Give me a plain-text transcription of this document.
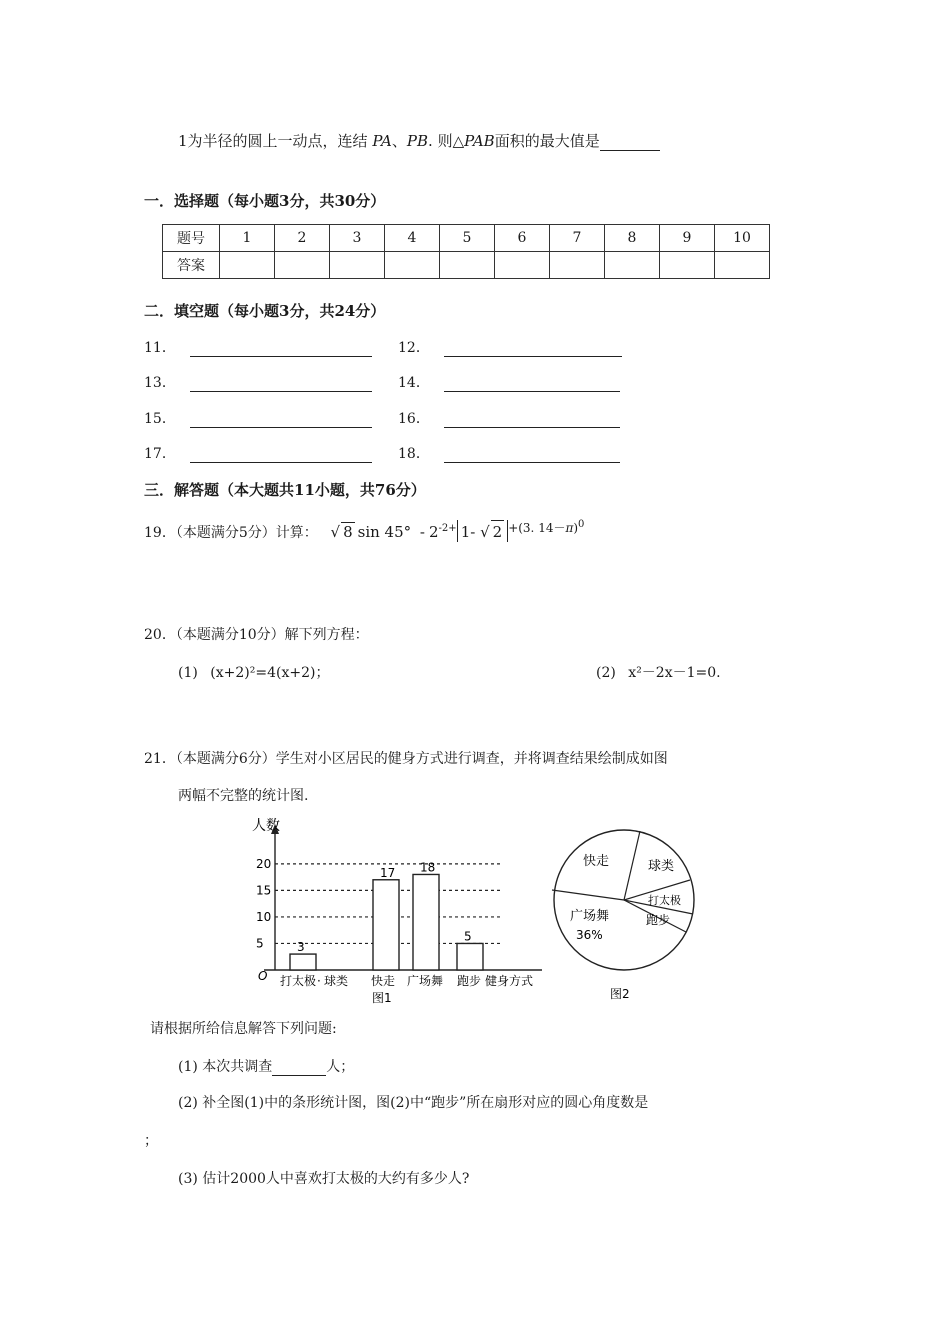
1为半径的圆上一动点，连结 PA、PB. 则△PAB面积的最大值是
一．选择题（每小题3分，共30分）
题号	1	2	3	4	5	6	7	8	9	10
答案										
二．填空题（每小题3分，共24分）
11．	12．
13．	14．
15．	16．
17．	18．
三．解答题（本大题共11小题，共76分）
19．（本题满分5分）计算： √ 8 $\sin 45^\circ - 2^{-2+}$ 1- √ 2 $^{+(3. 14-\pi)^0}$
20．（本题满分10分）解下列方程：
(1) (x+2)²=4(x+2)；	(2) x²－2x－1=0.
21．（本题满分6分）学生对小区居民的健身方式进行调查，并将调查结果绘制成如图
两幅不完整的统计图.
人数
O
5
10
15
20
3
17 18
5
打太极 · 球类 快走 广场舞 跑步 健身方式
图1
快走	球类
打太极
跑步
广场舞
36%
图2
请根据所给信息解答下列问题:
(1) 本次共调查	人；
(2) 补全图(1)中的条形统计图，图(2)中“跑步”所在扇形对应的圆心角度数是
；
(3) 估计2000人中喜欢打太极的大约有多少人?
